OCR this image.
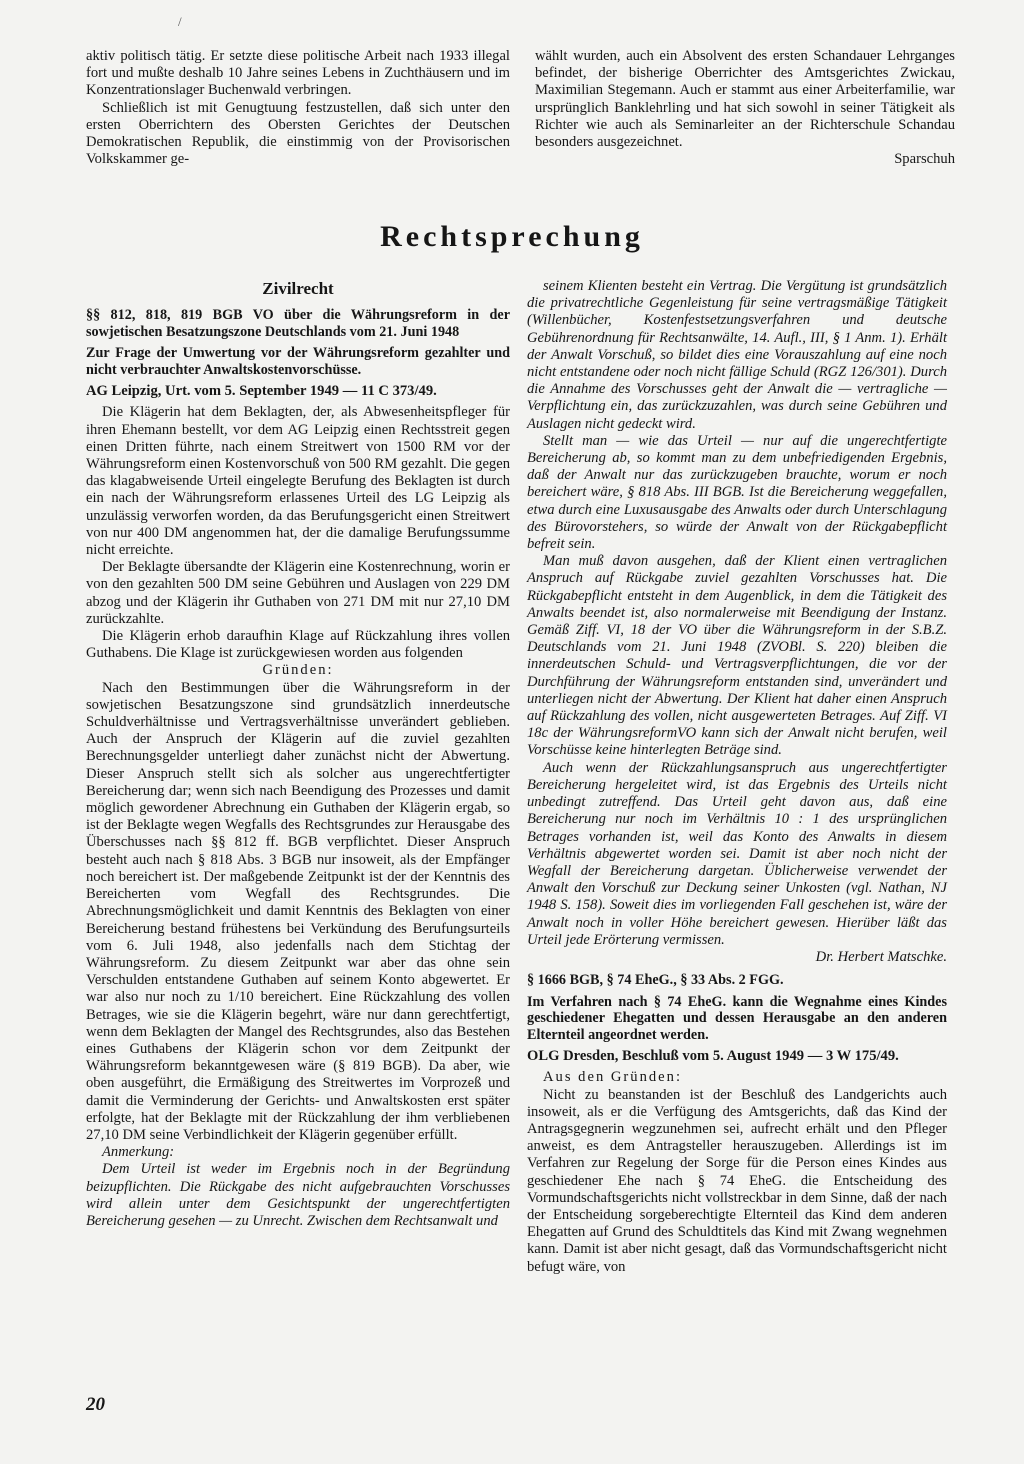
/

aktiv politisch tätig. Er setzte diese politische Arbeit nach 1933 illegal fort und mußte deshalb 10 Jahre seines Lebens in Zuchthäusern und im Konzentrationslager Buchenwald verbringen.

Schließlich ist mit Genugtuung festzustellen, daß sich unter den ersten Oberrichtern des Obersten Gerichtes der Deutschen Demokratischen Republik, die einstimmig von der Provisorischen Volkskammer ge-

wählt wurden, auch ein Absolvent des ersten Schandauer Lehrganges befindet, der bisherige Oberrichter des Amtsgerichtes Zwickau, Maximilian Stegemann. Auch er stammt aus einer Arbeiterfamilie, war ursprünglich Banklehrling und hat sich sowohl in seiner Tätigkeit als Richter wie auch als Seminarleiter an der Richterschule Schandau besonders ausgezeichnet.

Sparschuh

Rechtsprechung

Zivilrecht

§§ 812, 818, 819 BGB VO über die Währungsreform in der sowjetischen Besatzungszone Deutschlands vom 21. Juni 1948

Zur Frage der Umwertung vor der Währungsreform gezahlter und nicht verbrauchter Anwaltskostenvorschüsse.

AG Leipzig, Urt. vom 5. September 1949 — 11 C 373/49.

Die Klägerin hat dem Beklagten, der, als Abwesenheitspfleger für ihren Ehemann bestellt, vor dem AG Leipzig einen Rechtsstreit gegen einen Dritten führte, nach einem Streitwert von 1500 RM vor der Währungsreform einen Kostenvorschuß von 500 RM gezahlt. Die gegen das klagabweisende Urteil eingelegte Berufung des Beklagten ist durch ein nach der Währungsreform erlassenes Urteil des LG Leipzig als unzulässig verworfen worden, da das Berufungsgericht einen Streitwert von nur 400 DM angenommen hat, der die damalige Berufungssumme nicht erreichte.

Der Beklagte übersandte der Klägerin eine Kostenrechnung, worin er von den gezahlten 500 DM seine Gebühren und Auslagen von 229 DM abzog und der Klägerin ihr Guthaben von 271 DM mit nur 27,10 DM zurückzahlte.

Die Klägerin erhob daraufhin Klage auf Rückzahlung ihres vollen Guthabens. Die Klage ist zurückgewiesen worden aus folgenden

Gründen:

Nach den Bestimmungen über die Währungsreform in der sowjetischen Besatzungszone sind grundsätzlich innerdeutsche Schuldverhältnisse und Vertragsverhältnisse unverändert geblieben. Auch der Anspruch der Klägerin auf die zuviel gezahlten Berechnungsgelder unterliegt daher zunächst nicht der Abwertung. Dieser Anspruch stellt sich als solcher aus ungerechtfertigter Bereicherung dar; wenn sich nach Beendigung des Prozesses und damit möglich gewordener Abrechnung ein Guthaben der Klägerin ergab, so ist der Beklagte wegen Wegfalls des Rechtsgrundes zur Herausgabe des Überschusses nach §§ 812 ff. BGB verpflichtet. Dieser Anspruch besteht auch nach § 818 Abs. 3 BGB nur insoweit, als der Empfänger noch bereichert ist. Der maßgebende Zeitpunkt ist der der Kenntnis des Bereicherten vom Wegfall des Rechtsgrundes. Die Abrechnungsmöglichkeit und damit Kenntnis des Beklagten von einer Bereicherung bestand frühestens bei Verkündung des Berufungsurteils vom 6. Juli 1948, also jedenfalls nach dem Stichtag der Währungsreform. Zu diesem Zeitpunkt war aber das ohne sein Verschulden entstandene Guthaben auf seinem Konto abgewertet. Er war also nur noch zu 1/10 bereichert. Eine Rückzahlung des vollen Betrages, wie sie die Klägerin begehrt, wäre nur dann gerechtfertigt, wenn dem Beklagten der Mangel des Rechtsgrundes, also das Bestehen eines Guthabens der Klägerin schon vor dem Zeitpunkt der Währungsreform bekanntgewesen wäre (§ 819 BGB). Da aber, wie oben ausgeführt, die Ermäßigung des Streitwertes im Vorprozeß und damit die Verminderung der Gerichts- und Anwaltskosten erst später erfolgte, hat der Beklagte mit der Rückzahlung der ihm verbliebenen 27,10 DM seine Verbindlichkeit der Klägerin gegenüber erfüllt.

Anmerkung:

Dem Urteil ist weder im Ergebnis noch in der Begründung beizupflichten. Die Rückgabe des nicht aufgebrauchten Vorschusses wird allein unter dem Gesichtspunkt der ungerechtfertigten Bereicherung gesehen — zu Unrecht. Zwischen dem Rechtsanwalt und

seinem Klienten besteht ein Vertrag. Die Vergütung ist grundsätzlich die privatrechtliche Gegenleistung für seine vertragsmäßige Tätigkeit (Willenbücher, Kostenfestsetzungsverfahren und deutsche Gebührenordnung für Rechtsanwälte, 14. Aufl., III, § 1 Anm. 1). Erhält der Anwalt Vorschuß, so bildet dies eine Vorauszahlung auf eine noch nicht entstandene oder noch nicht fällige Schuld (RGZ 126/301). Durch die Annahme des Vorschusses geht der Anwalt die — vertragliche — Verpflichtung ein, das zurückzuzahlen, was durch seine Gebühren und Auslagen nicht gedeckt wird.

Stellt man — wie das Urteil — nur auf die ungerechtfertigte Bereicherung ab, so kommt man zu dem unbefriedigenden Ergebnis, daß der Anwalt nur das zurückzugeben brauchte, worum er noch bereichert wäre, § 818 Abs. III BGB. Ist die Bereicherung weggefallen, etwa durch eine Luxusausgabe des Anwalts oder durch Unterschlagung des Bürovorstehers, so würde der Anwalt von der Rückgabepflicht befreit sein.

Man muß davon ausgehen, daß der Klient einen vertraglichen Anspruch auf Rückgabe zuviel gezahlten Vorschusses hat. Die Rückgabepflicht entsteht in dem Augenblick, in dem die Tätigkeit des Anwalts beendet ist, also normalerweise mit Beendigung der Instanz. Gemäß Ziff. VI, 18 der VO über die Währungsreform in der S.B.Z. Deutschlands vom 21. Juni 1948 (ZVOBl. S. 220) bleiben die innerdeutschen Schuld- und Vertragsverpflichtungen, die vor der Durchführung der Währungsreform entstanden sind, unverändert und unterliegen nicht der Abwertung. Der Klient hat daher einen Anspruch auf Rückzahlung des vollen, nicht ausgewerteten Betrages. Auf Ziff. VI 18c der WährungsreformVO kann sich der Anwalt nicht berufen, weil Vorschüsse keine hinterlegten Beträge sind.

Auch wenn der Rückzahlungsanspruch aus ungerechtfertigter Bereicherung hergeleitet wird, ist das Ergebnis des Urteils nicht unbedingt zutreffend. Das Urteil geht davon aus, daß eine Bereicherung nur noch im Verhältnis 10 : 1 des ursprünglichen Betrages vorhanden ist, weil das Konto des Anwalts in diesem Verhältnis abgewertet worden sei. Damit ist aber noch nicht der Wegfall der Bereicherung dargetan. Üblicherweise verwendet der Anwalt den Vorschuß zur Deckung seiner Unkosten (vgl. Nathan, NJ 1948 S. 158). Soweit dies im vorliegenden Fall geschehen ist, wäre der Anwalt noch in voller Höhe bereichert gewesen. Hierüber läßt das Urteil jede Erörterung vermissen.

Dr. Herbert Matschke.

§ 1666 BGB, § 74 EheG., § 33 Abs. 2 FGG.

Im Verfahren nach § 74 EheG. kann die Wegnahme eines Kindes geschiedener Ehegatten und dessen Herausgabe an den anderen Elternteil angeordnet werden.

OLG Dresden, Beschluß vom 5. August 1949 — 3 W 175/49.

Aus den Gründen:

Nicht zu beanstanden ist der Beschluß des Landgerichts auch insoweit, als er die Verfügung des Amtsgerichts, daß das Kind der Antragsgegnerin wegzunehmen sei, aufrecht erhält und den Pfleger anweist, es dem Antragsteller herauszugeben. Allerdings ist im Verfahren zur Regelung der Sorge für die Person eines Kindes aus geschiedener Ehe nach § 74 EheG. die Entscheidung des Vormundschaftsgerichts nicht vollstreckbar in dem Sinne, daß der nach der Entscheidung sorgeberechtigte Elternteil das Kind dem anderen Ehegatten auf Grund des Schuldtitels das Kind mit Zwang wegnehmen kann. Damit ist aber nicht gesagt, daß das Vormundschaftsgericht nicht befugt wäre, von

20
